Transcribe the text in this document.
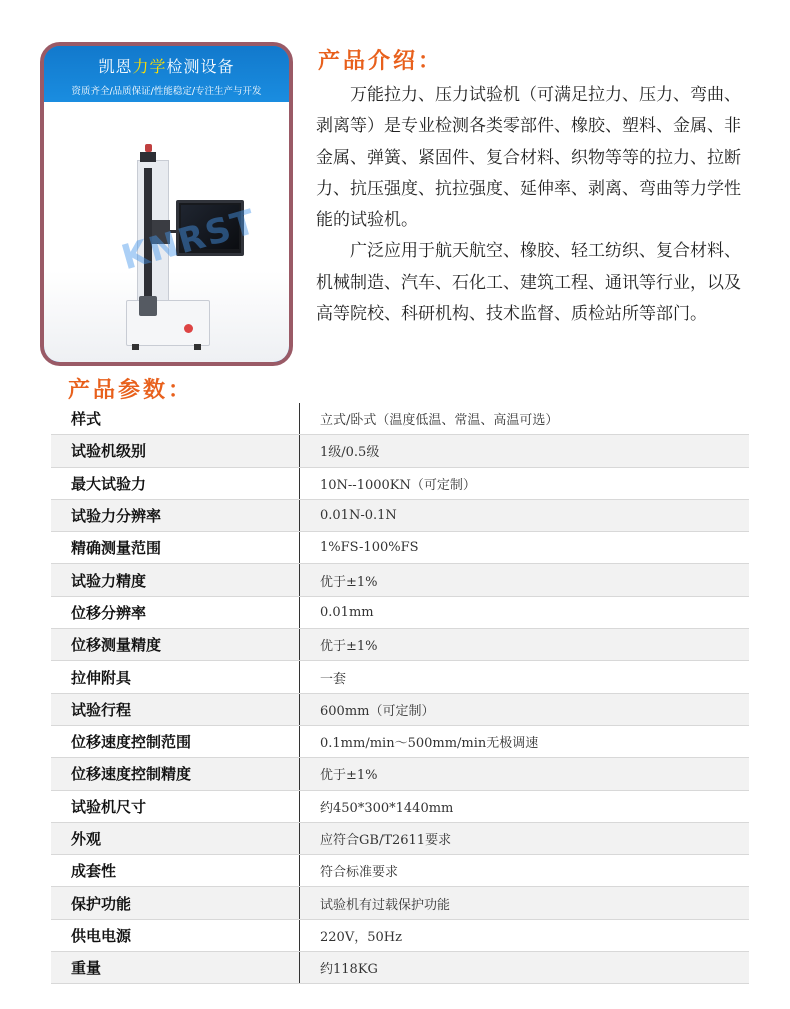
凯恩力学检测设备
资质齐全/品质保证/性能稳定/专注生产与开发
KNRST
产品介绍：

万能拉力、压力试验机（可满足拉力、压力、弯曲、剥离等）是专业检测各类零部件、橡胶、塑料、金属、非金属、弹簧、紧固件、复合材料、织物等等的拉力、拉断力、抗压强度、抗拉强度、延伸率、剥离、弯曲等力学性能的试验机。

广泛应用于航天航空、橡胶、轻工纺织、复合材料、机械制造、汽车、石化工、建筑工程、通讯等行业，以及高等院校、科研机构、技术监督、质检站所等部门。

产品参数：
样式	立式/卧式（温度低温、常温、高温可选）
试验机级别	1级/0.5级
最大试验力	10N--1000KN（可定制）
试验力分辨率	0.01N-0.1N
精确测量范围	1%FS-100%FS
试验力精度	优于±1%
位移分辨率	0.01mm
位移测量精度	优于±1%
拉伸附具	一套
试验行程	600mm（可定制）
位移速度控制范围	0.1mm/min～500mm/min无极调速
位移速度控制精度	优于±1%
试验机尺寸	约450*300*1440mm
外观	应符合GB/T2611要求
成套性	符合标准要求
保护功能	试验机有过载保护功能
供电电源	220V，50Hz
重量	约118KG
